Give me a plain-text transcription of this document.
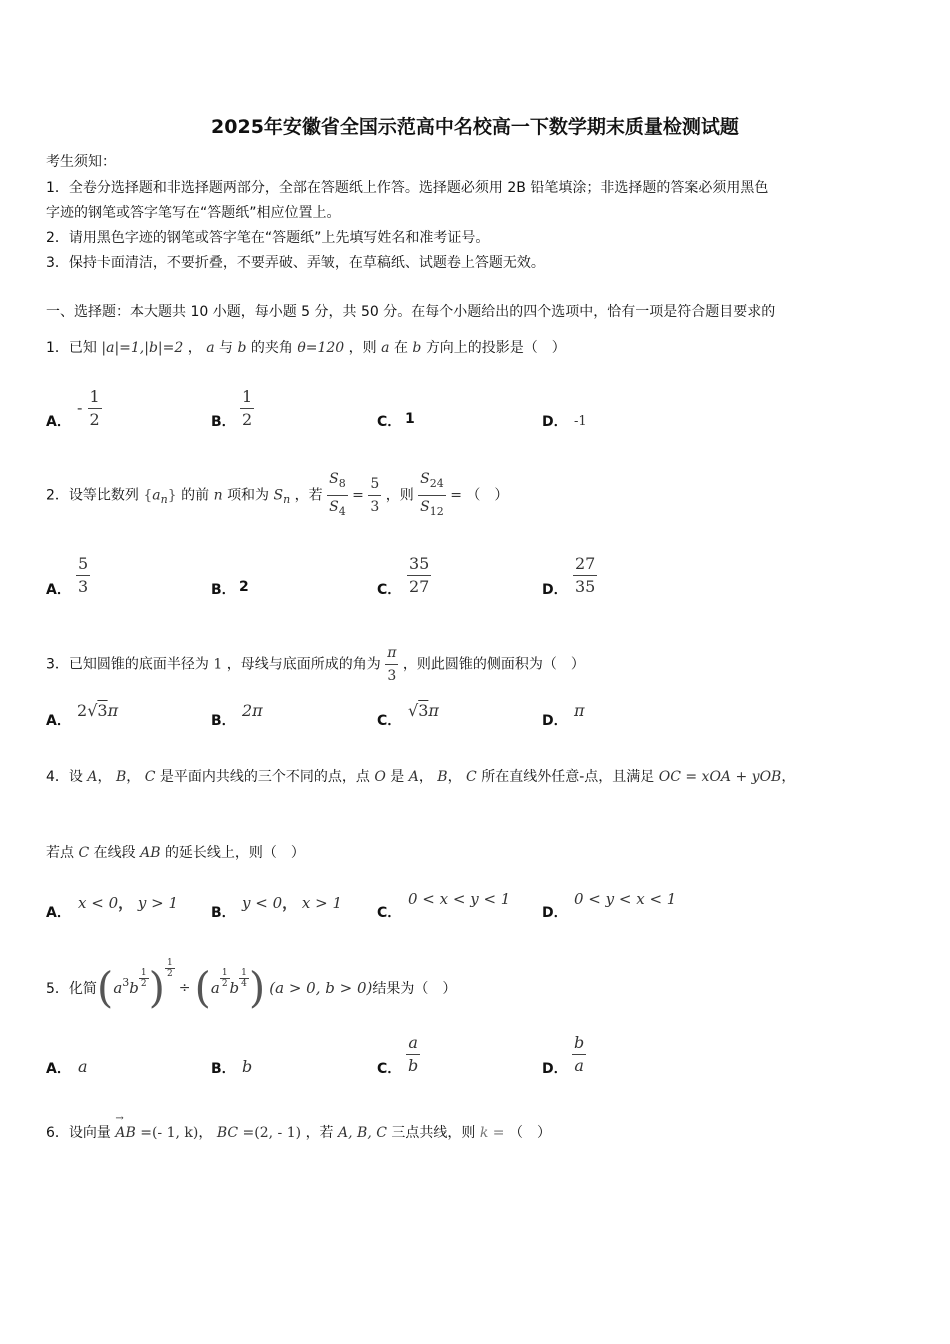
2025年安徽省全国示范高中名校高一下数学期末质量检测试题
考生须知：
1．全卷分选择题和非选择题两部分，全部在答题纸上作答。选择题必须用 2B 铅笔填涂；非选择题的答案必须用黑色
字迹的钢笔或答字笔写在“答题纸”相应位置上。
2．请用黑色字迹的钢笔或答字笔在“答题纸”上先填写姓名和准考证号。
3．保持卡面清洁，不要折叠，不要弄破、弄皱，在草稿纸、试题卷上答题无效。
一、选择题：本大题共 10 小题，每小题 5 分，共 50 分。在每个小题给出的四个选项中，恰有一项是符合题目要求的
1．已知 |a|=1,|b|=2 ， a 与 b 的夹角 θ=120 ，则 a 在 b 方向上的投影是（　）
A．
- $\frac{1}{2}$	B． $\frac{1}{2}$	C． 1	D． -1
2．设等比数列 $\{a_n\}$ 的前 n 项和为 $S_n$ ，若 $\frac{S_8}{S_4} = \frac{5}{3}$ ，则 $\frac{S_{24}}{S_{12}}$ = （　）
A． $\frac{5}{3}$	B． 2	C． $\frac{35}{27}$	D． $\frac{27}{35}$
3．已知圆锥的底面半径为 1 ，母线与底面所成的角为 $\frac{\pi}{3}$ ，则此圆锥的侧面积为（　）
A．
2√3π
B．
2π
C．
√3π
D．
π
4．设 A， B， C 是平面内共线的三个不同的点，点 O 是 A， B， C 所在直线外任意-点，且满足 OC = xOA + yOB，
若点 C 在线段 AB 的延长线上，则（　）
A．
x < 0， y > 1
B．
y < 0， x > 1
C．
0 < x < y < 1
D．
0 < y < x < 1
5．化简 ( $a^3$ b $\frac{1}{2}$ ) $\frac{1}{2}$
÷ ( a $\frac{1}{2}$ b $\frac{1}{4}$ ) (a > 0, b > 0) 结果为（　）
A． a	B． b	C． $\frac{a}{b}$	D． $\frac{b}{a}$
6．设向量
→
AB =(- 1, k)， BC =(2, - 1) ，若 A, B, C 三点共线，则 k = （　）
